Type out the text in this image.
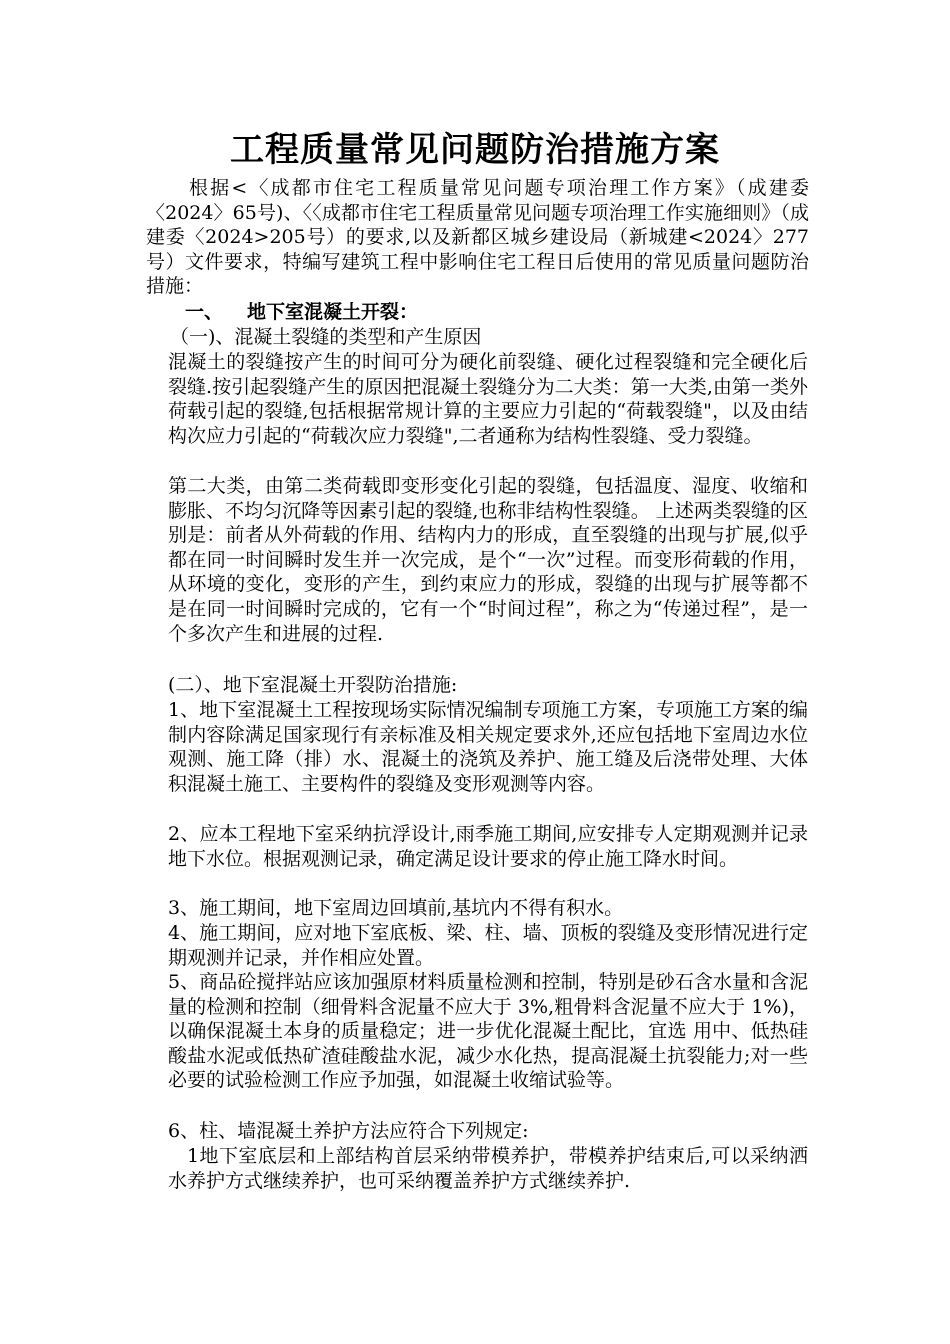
工程质量常见问题防治措施方案

根据<〈成都市住宅工程质量常见问题专项治理工作方案》（成建委〈2024〉65号)、〈〈成都市住宅工程质量常见问题专项治理工作实施细则》（成建委〈2024>205号）的要求,以及新都区城乡建设局（新城建<2024〉277号）文件要求，特编写建筑工程中影响住宅工程日后使用的常见质量问题防治措施：

一、 地下室混凝土开裂：
（一)、混凝土裂缝的类型和产生原因

混凝土的裂缝按产生的时间可分为硬化前裂缝、硬化过程裂缝和完全硬化后裂缝.按引起裂缝产生的原因把混凝土裂缝分为二大类：第一大类,由第一类外荷载引起的裂缝,包括根据常规计算的主要应力引起的“荷载裂缝"，以及由结构次应力引起的“荷载次应力裂缝",二者通称为结构性裂缝、受力裂缝。

第二大类，由第二类荷载即变形变化引起的裂缝，包括温度、湿度、收缩和膨胀、不均匀沉降等因素引起的裂缝,也称非结构性裂缝。 上述两类裂缝的区别是：前者从外荷载的作用、结构内力的形成，直至裂缝的出现与扩展,似乎都在同一时间瞬时发生并一次完成，是个“一次”过程。而变形荷载的作用，从环境的变化，变形的产生，到约束应力的形成，裂缝的出现与扩展等都不是在同一时间瞬时完成的，它有一个“时间过程”，称之为“传递过程”，是一个多次产生和进展的过程.

(二）、地下室混凝土开裂防治措施:

1、地下室混凝土工程按现场实际情况编制专项施工方案，专项施工方案的编制内容除满足国家现行有亲标准及相关规定要求外,还应包括地下室周边水位观测、施工降（排）水、混凝土的浇筑及养护、施工缝及后浇带处理、大体积混凝土施工、主要构件的裂缝及变形观测等内容。

2、应本工程地下室采纳抗浮设计,雨季施工期间,应安排专人定期观测并记录地下水位。根据观测记录，确定满足设计要求的停止施工降水时间。

3、施工期间，地下室周边回填前,基坑内不得有积水。

4、施工期间，应对地下室底板、梁、柱、墙、顶板的裂缝及变形情况进行定期观测并记录，并作相应处置。

5、商品砼搅拌站应该加强原材料质量检测和控制，特别是砂石含水量和含泥量的检测和控制（细骨料含泥量不应大于 3%,粗骨料含泥量不应大于 1%)，以确保混凝土本身的质量稳定；进一步优化混凝土配比，宜选 用中、低热硅酸盐水泥或低热矿渣硅酸盐水泥，减少水化热，提高混凝土抗裂能力;对一些必要的试验检测工作应予加强，如混凝土收缩试验等。

6、柱、墙混凝土养护方法应符合下列规定:

1地下室底层和上部结构首层采纳带模养护，带模养护结束后,可以采纳洒水养护方式继续养护，也可采纳覆盖养护方式继续养护.
